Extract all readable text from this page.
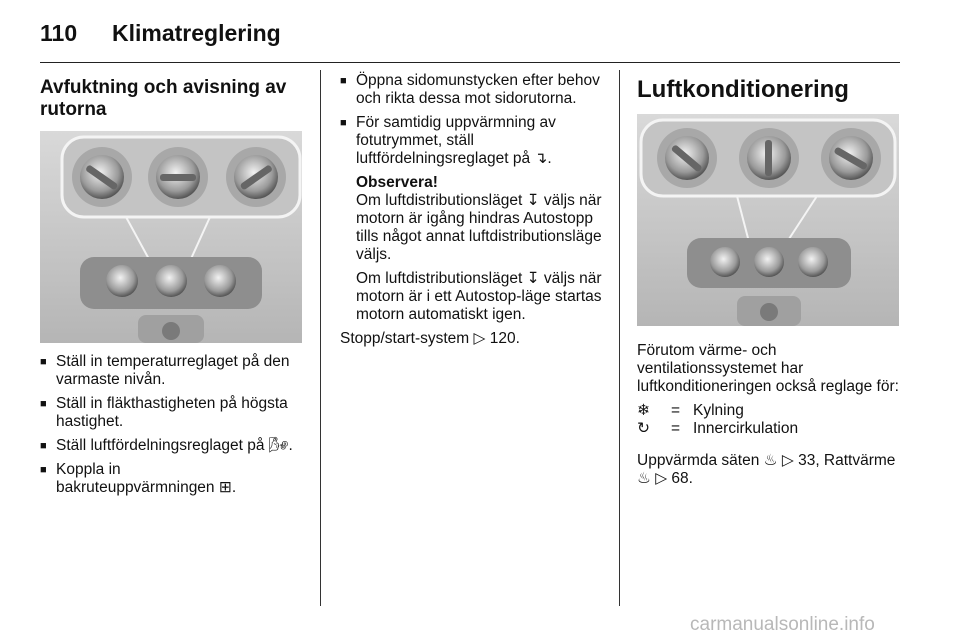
110 Klimatreglering
Avfuktning och avisning av rutorna
■ Ställ in temperaturreglaget på den varmaste nivån.
■ Ställ in fläkthastigheten på högsta hastighet.
■ Ställ luftfördelningsreglaget på 🌬.
■ Koppla in
bakruteuppvärmningen ⊞.
■ Öppna sidomunstycken efter behov och rikta dessa mot sidorutorna.
■ För samtidig uppvärmning av fotutrymmet, ställ luftfördelningsreglaget på ↴.
Observera!
Om luftdistributionsläget ↧ väljs när motorn är igång hindras Autostopp tills något annat luftdistributionsläge väljs.
Om luftdistributionsläget ↧ väljs när motorn är i ett Autostop-läge startas motorn automatiskt igen.
Stopp/start-system ▷ 120.
Luftkonditionering
Förutom värme- och ventilationssystemet har luftkonditioneringen också reglage för:
❄	= Kylning
↻	= Innercirkulation
Uppvärmda säten ♨ ▷ 33, Rattvärme ♨ ▷ 68.
carmanualsonline.info
